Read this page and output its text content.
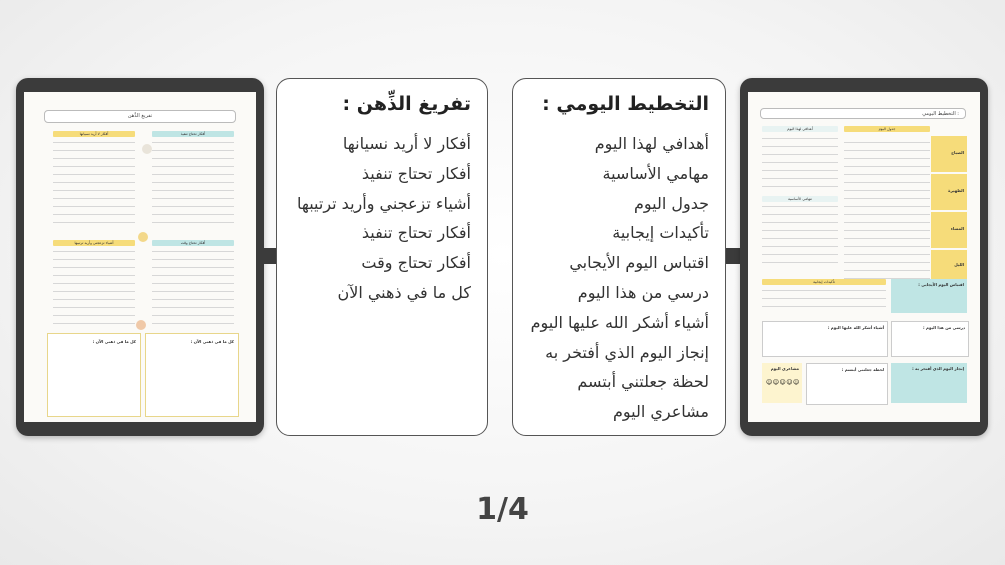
تفريغ الذِّهن
أفكار لا أريد نسيانها	أفكار تحتاج تنفيذ
أشياء تزعجني وأريد ترتيبها	أفكار تحتاج وقت
كل ما في ذهني الآن :	كل ما في ذهني الآن :
تفريغ الذِّهن :
أفكار لا أريد نسيانها
أفكار تحتاج تنفيذ
أشياء تزعجني وأريد ترتيبها
أفكار تحتاج تنفيذ
أفكار تحتاج وقت
كل ما في ذهني الآن
التخطيط اليومي :
أهدافي لهذا اليوم
مهامي الأساسية
جدول اليوم
تأكيدات إيجابية
اقتباس اليوم الأيجابي
درسي من هذا اليوم
أشياء أشكر الله عليها اليوم
إنجاز اليوم الذي أفتخر به
لحظة جعلتني أبتسم
مشاعري اليوم
التخطيط اليومي :
أهدافي لهذا اليوم	جدول اليوم
مهامي الأساسية
الصباح
الظهيرة
المساء
الليل
تأكيدات إيجابية	اقتباس اليوم الأيجابي :
درسي من هذا اليوم :
أشياء أشكر الله عليها اليوم :
إنجاز اليوم الذي أفتخر به :
لحظة جعلتني أبتسم :
مشاعري اليوم
☺☺☺☺☺
1/4
